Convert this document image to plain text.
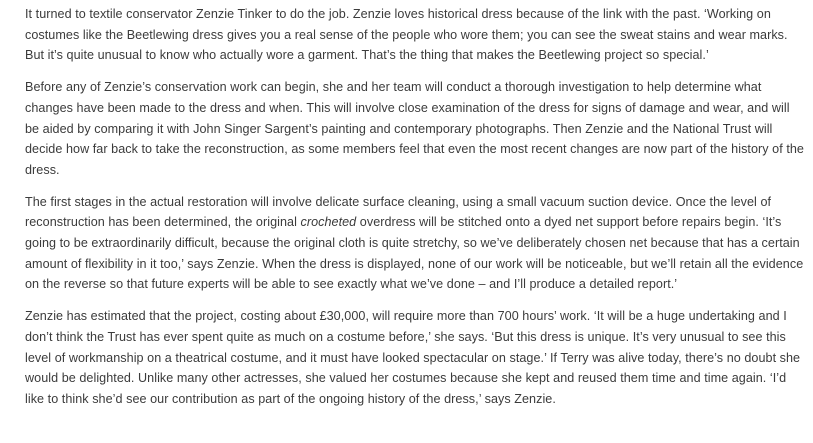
It turned to textile conservator Zenzie Tinker to do the job. Zenzie loves historical dress because of the link with the past. ‘Working on costumes like the Beetlewing dress gives you a real sense of the people who wore them; you can see the sweat stains and wear marks. But it’s quite unusual to know who actually wore a garment. That’s the thing that makes the Beetlewing project so special.’

Before any of Zenzie’s conservation work can begin, she and her team will conduct a thorough investigation to help determine what changes have been made to the dress and when. This will involve close examination of the dress for signs of damage and wear, and will be aided by comparing it with John Singer Sargent’s painting and contemporary photographs. Then Zenzie and the National Trust will decide how far back to take the reconstruction, as some members feel that even the most recent changes are now part of the history of the dress.

The first stages in the actual restoration will involve delicate surface cleaning, using a small vacuum suction device. Once the level of reconstruction has been determined, the original crocheted overdress will be stitched onto a dyed net support before repairs begin. ‘It’s going to be extraordinarily difficult, because the original cloth is quite stretchy, so we’ve deliberately chosen net because that has a certain amount of flexibility in it too,’ says Zenzie. When the dress is displayed, none of our work will be noticeable, but we’ll retain all the evidence on the reverse so that future experts will be able to see exactly what we’ve done – and I’ll produce a detailed report.’

Zenzie has estimated that the project, costing about £30,000, will require more than 700 hours’ work. ‘It will be a huge undertaking and I don’t think the Trust has ever spent quite as much on a costume before,’ she says. ‘But this dress is unique. It’s very unusual to see this level of workmanship on a theatrical costume, and it must have looked spectacular on stage.’ If Terry was alive today, there’s no doubt she would be delighted. Unlike many other actresses, she valued her costumes because she kept and reused them time and time again. ‘I’d like to think she’d see our contribution as part of the ongoing history of the dress,’ says Zenzie.
